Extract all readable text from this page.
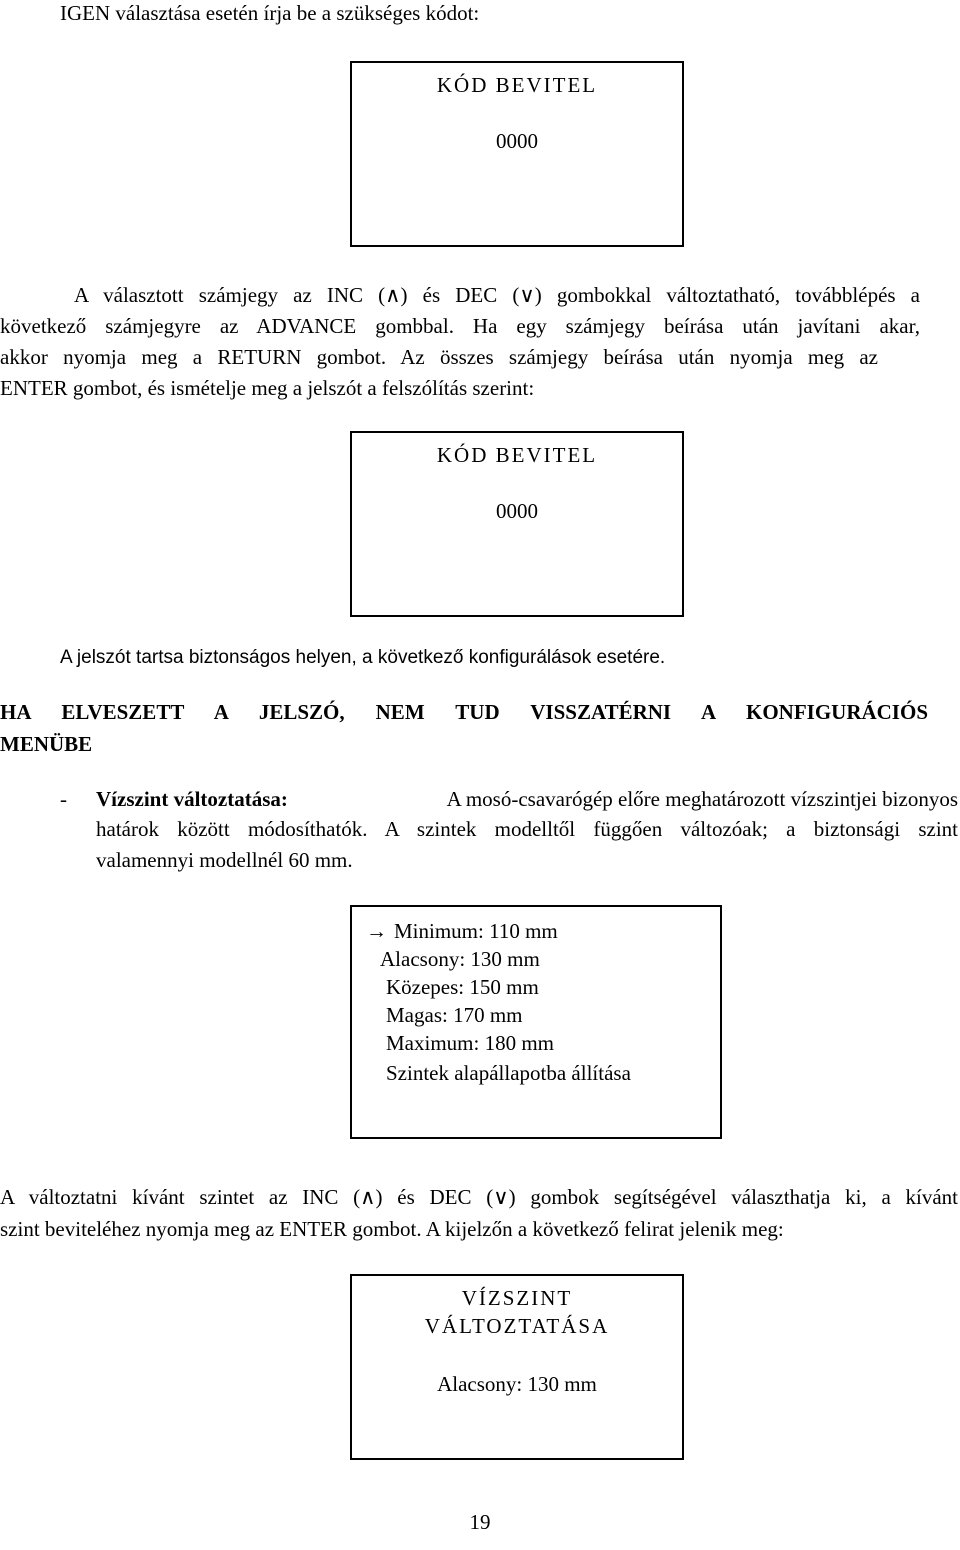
IGEN választása esetén írja be a szükséges kódot:
KÓD BEVITEL
0000
A választott számjegy az INC (∧) és DEC (∨) gombokkal változtatható, továbblépés a
következő számjegyre az ADVANCE gombbal. Ha egy számjegy beírása után javítani akar,
akkor nyomja meg a RETURN gombot. Az összes számjegy beírása után nyomja meg az
ENTER gombot, és ismételje meg a jelszót a felszólítás szerint:
KÓD BEVITEL
0000
A jelszót tartsa biztonságos helyen, a következő konfigurálások esetére.
HA ELVESZETT A JELSZÓ, NEM TUD VISSZATÉRNI A KONFIGURÁCIÓS
MENÜBE
- Vízszint változtatása:	A mosó-csavarógép előre meghatározott vízszintjei bizonyos
határok között módosíthatók. A szintek modelltől függően változóak; a biztonsági szint
valamennyi modellnél 60 mm.
→ Minimum: 110 mm
Alacsony: 130 mm
Közepes: 150 mm
Magas: 170 mm
Maximum: 180 mm
Szintek alapállapotba állítása
A változtatni kívánt szintet az INC (∧) és DEC (∨) gombok segítségével választhatja ki, a kívánt
szint beviteléhez nyomja meg az ENTER gombot. A kijelzőn a következő felirat jelenik meg:
VÍZSZINT
VÁLTOZTATÁSA
Alacsony: 130 mm
19
